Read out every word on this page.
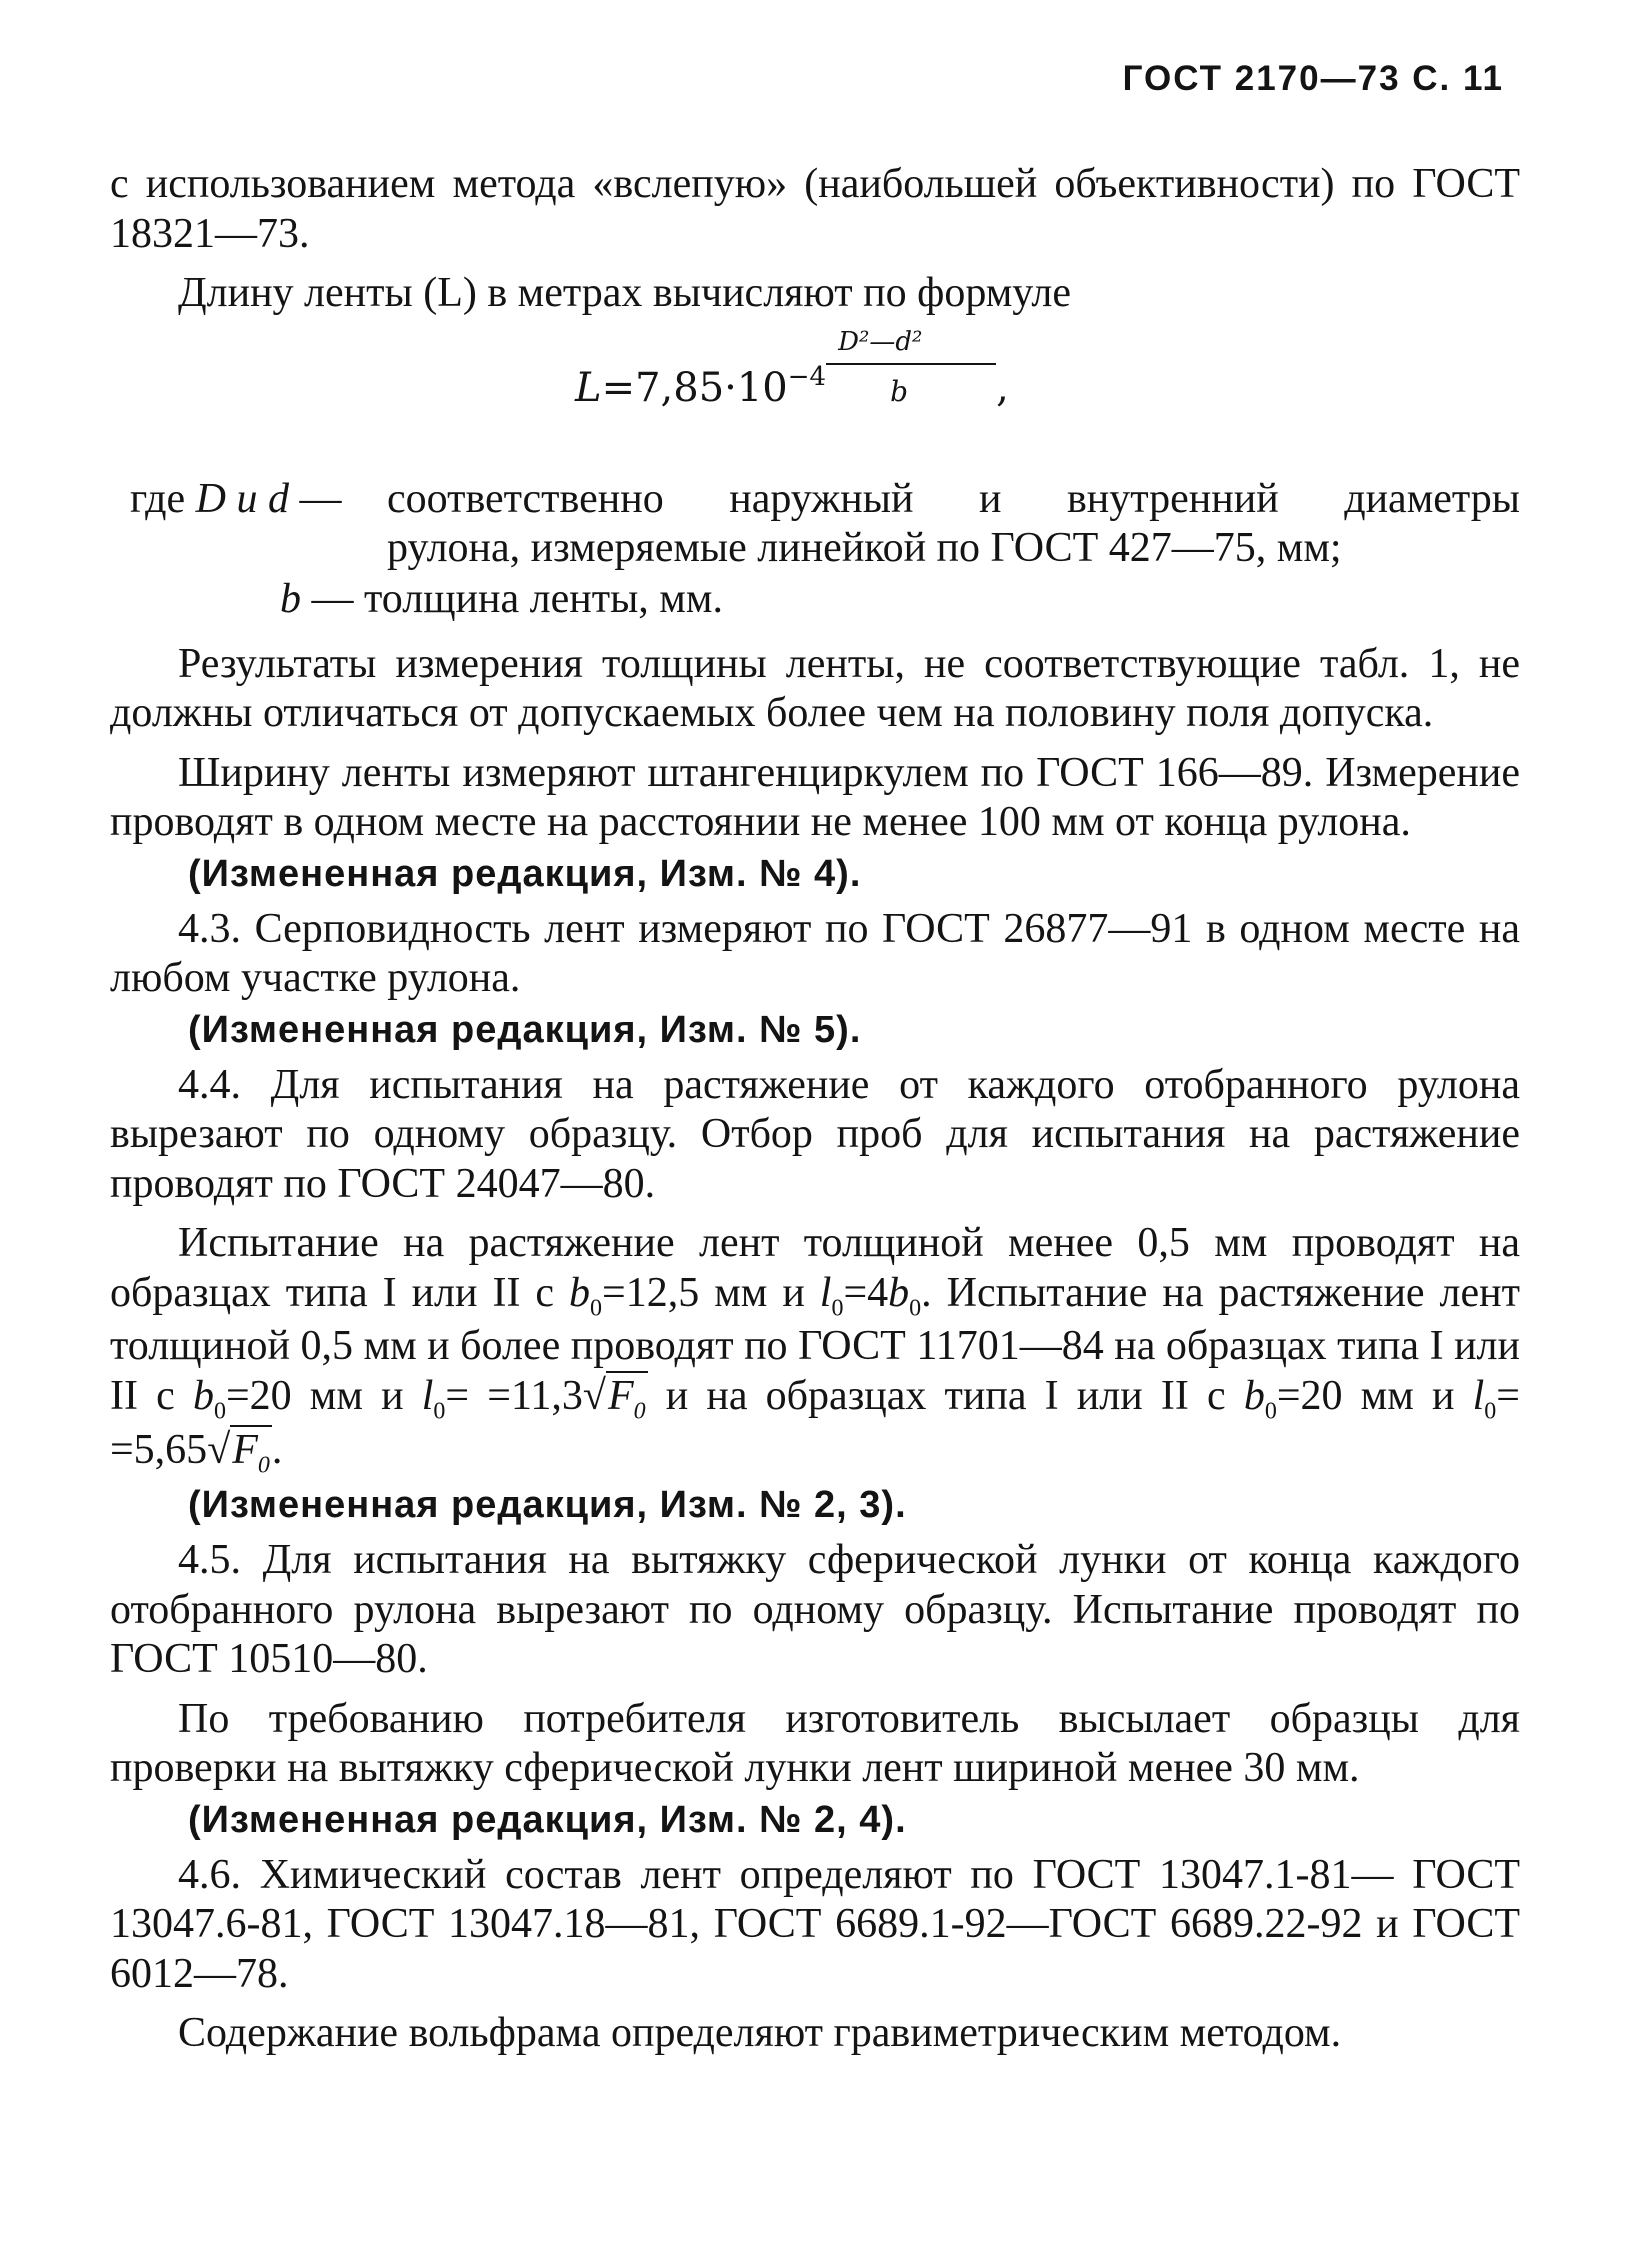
ГОСТ 2170—73 С. 11

с использованием метода «вслепую» (наибольшей объективности) по ГОСТ 18321—73.

Длину ленты (L) в метрах вычисляют по формуле

$L=7,85\cdot 10^{-4} \frac{\text{D²—d²}}{b}$ ,
где D и d — соответственно наружный и внутренний диаметры
рулона, измеряемые линейкой по ГОСТ 427—75, мм;
b — толщина ленты, мм.

Результаты измерения толщины ленты, не соответствующие табл. 1, не должны отличаться от допускаемых более чем на половину поля допуска.

Ширину ленты измеряют штангенциркулем по ГОСТ 166—89. Измерение проводят в одном месте на расстоянии не менее 100 мм от конца рулона.

(Измененная редакция, Изм. № 4).

4.3. Серповидность лент измеряют по ГОСТ 26877—91 в одном месте на любом участке рулона.

(Измененная редакция, Изм. № 5).

4.4. Для испытания на растяжение от каждого отобранного рулона вырезают по одному образцу. Отбор проб для испытания на растяжение проводят по ГОСТ 24047—80.

Испытание на растяжение лент толщиной менее 0,5 мм проводят на образцах типа I или II с $b_0=12,5$ мм и $l_0=4b_0$. Испытание на растяжение лент толщиной 0,5 мм и более проводят по ГОСТ 11701—84 на образцах типа I или II с $b_0=20$ мм и $l_0= =11,3√F_0$ и на образцах типа I или II с $b_0=20$ мм и $l_0= =5,65√F_0$.

(Измененная редакция, Изм. № 2, 3).

4.5. Для испытания на вытяжку сферической лунки от конца каждого отобранного рулона вырезают по одному образцу. Испытание проводят по ГОСТ 10510—80.

По требованию потребителя изготовитель высылает образцы для проверки на вытяжку сферической лунки лент шириной менее 30 мм.

(Измененная редакция, Изм. № 2, 4).

4.6. Химический состав лент определяют по ГОСТ 13047.1-81— ГОСТ 13047.6-81, ГОСТ 13047.18—81, ГОСТ 6689.1-92—ГОСТ 6689.22-92 и ГОСТ 6012—78.

Содержание вольфрама определяют гравиметрическим методом.
